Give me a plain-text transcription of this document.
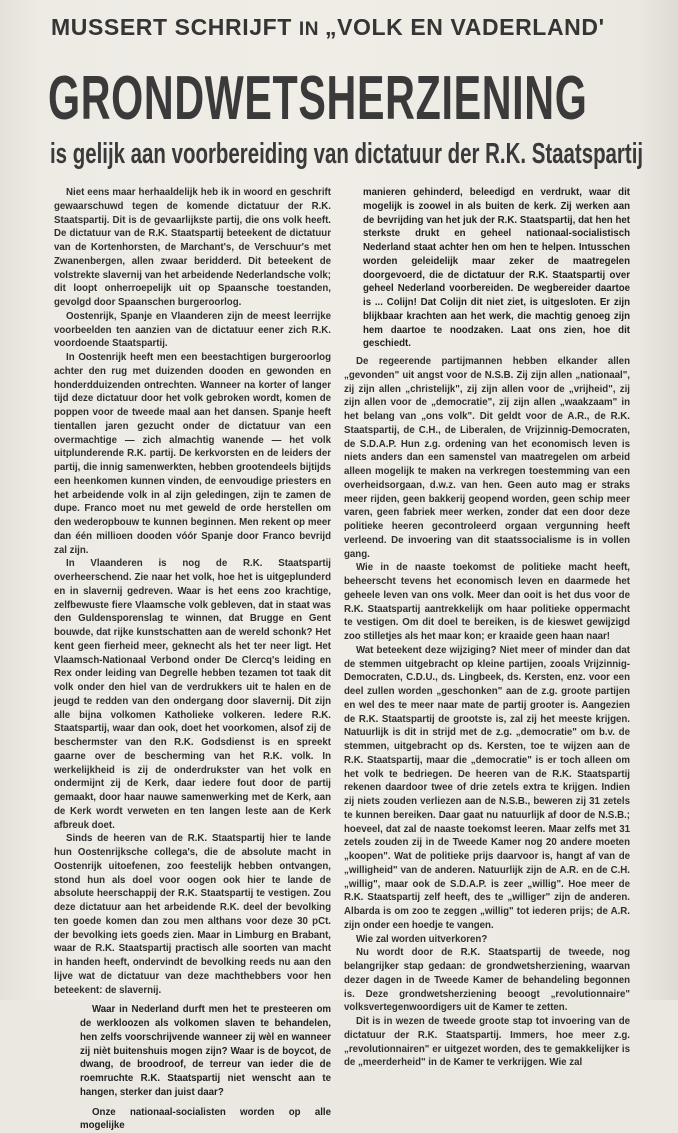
MUSSERT SCHRIJFT IN „VOLK EN VADERLAND'
GRONDWETSHERZIENING
is gelijk aan voorbereiding van dictatuur der R.K. Staatspartij

Niet eens maar herhaaldelijk heb ik in woord en geschrift gewaarschuwd tegen de komende dictatuur der R.K. Staatspartij. Dit is de gevaarlijkste partij, die ons volk heeft. De dictatuur van de R.K. Staatspartij beteekent de dictatuur van de Kortenhorsten, de Marchant's, de Verschuur's met Zwanenbergen, allen zwaar beridderd. Dit beteekent de volstrekte slavernij van het arbeidende Nederlandsche volk; dit loopt onherroepelijk uit op Spaansche toestanden, gevolgd door Spaanschen burgeroorlog.

Oostenrijk, Spanje en Vlaanderen zijn de meest leerrijke voorbeelden ten aanzien van de dictatuur eener zich R.K. voordoende Staatspartij.

In Oostenrijk heeft men een beestachtigen burgeroorlog achter den rug met duizenden dooden en gewonden en honderdduizenden ontrechten. Wanneer na korter of langer tijd deze dictatuur door het volk gebroken wordt, komen de poppen voor de tweede maal aan het dansen. Spanje heeft tientallen jaren gezucht onder de dictatuur van een overmachtige — zich almachtig wanende — het volk uitplunderende R.K. partij. De kerkvorsten en de leiders der partij, die innig samenwerkten, hebben grootendeels bijtijds een heenkomen kunnen vinden, de eenvoudige priesters en het arbeidende volk in al zijn geledingen, zijn te zamen de dupe. Franco moet nu met geweld de orde herstellen om den wederopbouw te kunnen beginnen. Men rekent op meer dan één millioen dooden vóór Spanje door Franco bevrijd zal zijn.

In Vlaanderen is nog de R.K. Staatspartij overheerschend. Zie naar het volk, hoe het is uitgeplunderd en in slavernij gedreven. Waar is het eens zoo krachtige, zelfbewuste fiere Vlaamsche volk gebleven, dat in staat was den Guldensporenslag te winnen, dat Brugge en Gent bouwde, dat rijke kunstschatten aan de wereld schonk? Het kent geen fierheid meer, geknecht als het ter neer ligt. Het Vlaamsch-Nationaal Verbond onder De Clercq's leiding en Rex onder leiding van Degrelle hebben tezamen tot taak dit volk onder den hiel van de verdrukkers uit te halen en de jeugd te redden van den ondergang door slavernij. Dit zijn alle bijna volkomen Katholieke volkeren. Iedere R.K. Staatspartij, waar dan ook, doet het voorkomen, alsof zij de beschermster van den R.K. Godsdienst is en spreekt gaarne over de bescherming van het R.K. volk. In werkelijkheid is zij de onderdrukster van het volk en ondermijnt zij de Kerk, daar iedere fout door de partij gemaakt, door haar nauwe samenwerking met de Kerk, aan de Kerk wordt verweten en ten langen leste aan de Kerk afbreuk doet.

Sinds de heeren van de R.K. Staatspartij hier te lande hun Oostenrijksche collega's, die de absolute macht in Oostenrijk uitoefenen, zoo feestelijk hebben ontvangen, stond hun als doel voor oogen ook hier te lande de absolute heerschappij der R.K. Staatspartij te vestigen. Zou deze dictatuur aan het arbeidende R.K. deel der bevolking ten goede komen dan zou men althans voor deze 30 pCt. der bevolking iets goeds zien. Maar in Limburg en Brabant, waar de R.K. Staatspartij practisch alle soorten van macht in handen heeft, ondervindt de bevolking reeds nu aan den lijve wat de dictatuur van deze machthebbers voor hen beteekent: de slavernij.

Waar in Nederland durft men het te presteeren om de werkloozen als volkomen slaven te behandelen, hen zelfs voorschrijvende wanneer zij wèl en wanneer zij nièt buitenshuis mogen zijn? Waar is de boycot, de dwang, de broodroof, de terreur van ieder die de roemruchte R.K. Staatspartij niet wenscht aan te hangen, sterker dan juist daar?

Onze nationaal-socialisten worden op alle mogelijke

manieren gehinderd, beleedigd en verdrukt, waar dit mogelijk is zoowel in als buiten de kerk. Zij werken aan de bevrijding van het juk der R.K. Staatspartij, dat hen het sterkste drukt en geheel nationaal-socialistisch Nederland staat achter hen om hen te helpen. Intusschen worden geleidelijk maar zeker de maatregelen doorgevoerd, die de dictatuur der R.K. Staatspartij over geheel Nederland voorbereiden. De wegbereider daartoe is ... Colijn! Dat Colijn dit niet ziet, is uitgesloten. Er zijn blijkbaar krachten aan het werk, die machtig genoeg zijn hem daartoe te noodzaken. Laat ons zien, hoe dit geschiedt.

De regeerende partijmannen hebben elkander allen „gevonden" uit angst voor de N.S.B. Zij zijn allen „nationaal", zij zijn allen „christelijk", zij zijn allen voor de „vrijheid", zij zijn allen voor de „democratie", zij zijn allen „waakzaam" in het belang van „ons volk". Dit geldt voor de A.R., de R.K. Staatspartij, de C.H., de Liberalen, de Vrijzinnig-Democraten, de S.D.A.P. Hun z.g. ordening van het economisch leven is niets anders dan een samenstel van maatregelen om arbeid alleen mogelijk te maken na verkregen toestemming van een overheidsorgaan, d.w.z. van hen. Geen auto mag er straks meer rijden, geen bakkerij geopend worden, geen schip meer varen, geen fabriek meer werken, zonder dat een door deze politieke heeren gecontroleerd orgaan vergunning heeft verleend. De invoering van dit staatssocialisme is in vollen gang.

Wie in de naaste toekomst de politieke macht heeft, beheerscht tevens het economisch leven en daarmede het geheele leven van ons volk. Meer dan ooit is het dus voor de R.K. Staatspartij aantrekkelijk om haar politieke oppermacht te vestigen. Om dit doel te bereiken, is de kieswet gewijzigd zoo stilletjes als het maar kon; er kraaide geen haan naar!

Wat beteekent deze wijziging? Niet meer of minder dan dat de stemmen uitgebracht op kleine partijen, zooals Vrijzinnig-Democraten, C.D.U., ds. Lingbeek, ds. Kersten, enz. voor een deel zullen worden „geschonken" aan de z.g. groote partijen en wel des te meer naar mate de partij grooter is. Aangezien de R.K. Staatspartij de grootste is, zal zij het meeste krijgen. Natuurlijk is dit in strijd met de z.g. „democratie" om b.v. de stemmen, uitgebracht op ds. Kersten, toe te wijzen aan de R.K. Staatspartij, maar die „democratie" is er toch alleen om het volk te bedriegen. De heeren van de R.K. Staatspartij rekenen daardoor twee of drie zetels extra te krijgen. Indien zij niets zouden verliezen aan de N.S.B., beweren zij 31 zetels te kunnen bereiken. Daar gaat nu natuurlijk af door de N.S.B.; hoeveel, dat zal de naaste toekomst leeren. Maar zelfs met 31 zetels zouden zij in de Tweede Kamer nog 20 andere moeten „koopen". Wat de politieke prijs daarvoor is, hangt af van de „willigheid" van de anderen. Natuurlijk zijn de A.R. en de C.H. „willig", maar ook de S.D.A.P. is zeer „willig". Hoe meer de R.K. Staatspartij zelf heeft, des te „williger" zijn de anderen. Albarda is om zoo te zeggen „willig" tot iederen prijs; de A.R. zijn onder een hoedje te vangen.

Wie zal worden uitverkoren?

Nu wordt door de R.K. Staatspartij de tweede, nog belangrijker stap gedaan: de grondwetsherziening, waarvan dezer dagen in de Tweede Kamer de behandeling begonnen is. Deze grondwetsherziening beoogt „revolutionnaire" volksvertegenwoordigers uit de Kamer te zetten.

Dit is in wezen de tweede groote stap tot invoering van de dictatuur der R.K. Staatspartij. Immers, hoe meer z.g. „revolutionnairen" er uitgezet worden, des te gemakkelijker is de „meerderheid" in de Kamer te verkrijgen. Wie zal
